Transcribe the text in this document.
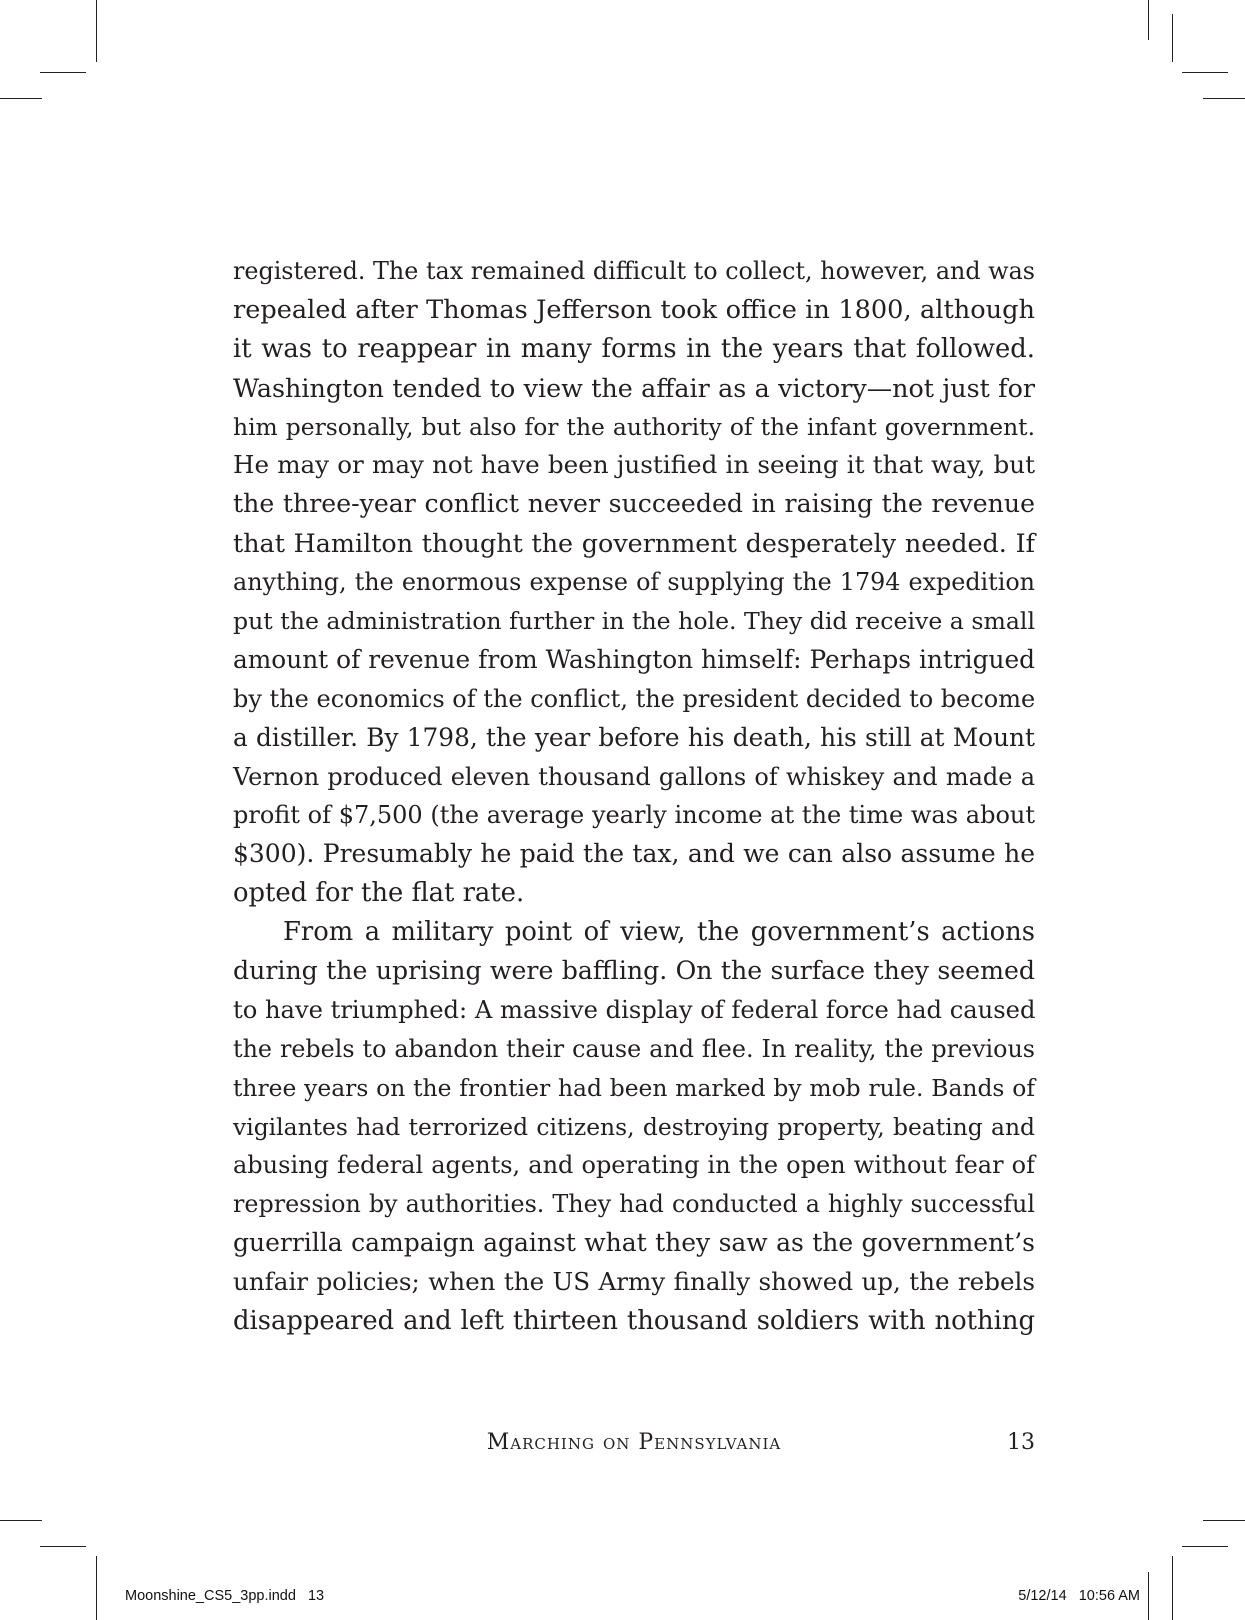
registered. The tax remained difficult to collect, however, and was
repealed after Thomas Jefferson took office in 1800, although
it was to reappear in many forms in the years that followed.
Washington tended to view the affair as a victory—not just for
him personally, but also for the authority of the infant government.
He may or may not have been justified in seeing it that way, but
the three-year conflict never succeeded in raising the revenue
that Hamilton thought the government desperately needed. If
anything, the enormous expense of supplying the 1794 expedition
put the administration further in the hole. They did receive a small
amount of revenue from Washington himself: Perhaps intrigued
by the economics of the conflict, the president decided to become
a distiller. By 1798, the year before his death, his still at Mount
Vernon produced eleven thousand gallons of whiskey and made a
profit of $7,500 (the average yearly income at the time was about
$300). Presumably he paid the tax, and we can also assume he
opted for the flat rate.
From a military point of view, the government’s actions
during the uprising were baffling. On the surface they seemed
to have triumphed: A massive display of federal force had caused
the rebels to abandon their cause and flee. In reality, the previous
three years on the frontier had been marked by mob rule. Bands of
vigilantes had terrorized citizens, destroying property, beating and
abusing federal agents, and operating in the open without fear of
repression by authorities. They had conducted a highly successful
guerrilla campaign against what they saw as the government’s
unfair policies; when the US Army finally showed up, the rebels
disappeared and left thirteen thousand soldiers with nothing
Marching on Pennsylvania	13
Moonshine_CS5_3pp.indd   13	5/12/14   10:56 AM
